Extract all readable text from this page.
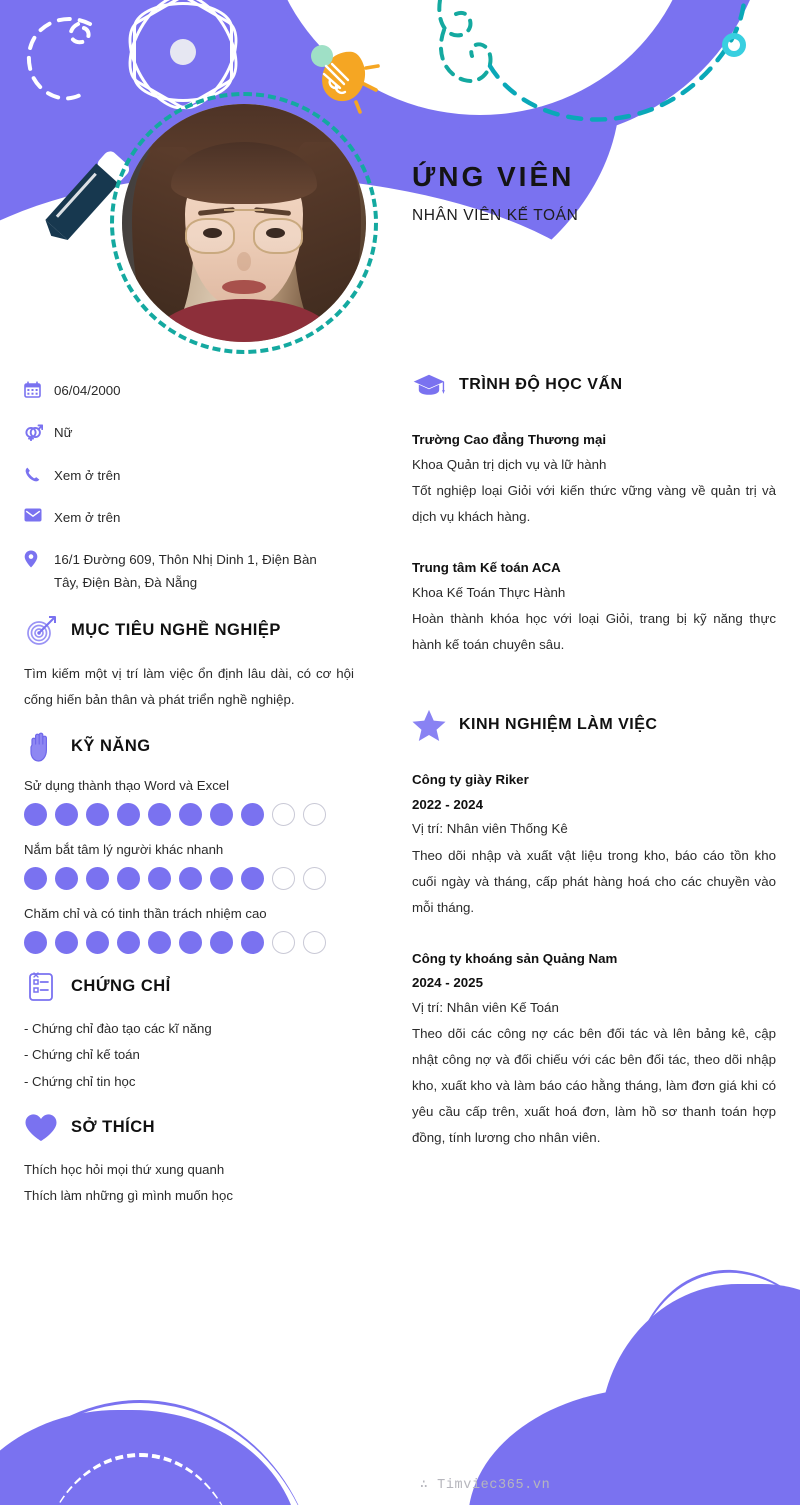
ỨNG VIÊN
NHÂN VIÊN KẾ TOÁN
06/04/2000
Nữ
Xem ở trên
Xem ở trên
16/1 Đường 609, Thôn Nhị Dinh 1, Điện Bàn Tây, Điện Bàn, Đà Nẵng
MỤC TIÊU NGHỀ NGHIỆP
Tìm kiếm một vị trí làm việc ổn định lâu dài, có cơ hội cống hiến bản thân và phát triển nghề nghiệp.
KỸ NĂNG
Sử dụng thành thạo Word và Excel
Nắm bắt tâm lý người khác nhanh
Chăm chỉ và có tinh thần trách nhiệm cao
CHỨNG CHỈ
- Chứng chỉ đào tạo các kĩ năng
- Chứng chỉ kế toán
- Chứng chỉ tin học
SỞ THÍCH
Thích học hỏi mọi thứ xung quanh
Thích làm những gì mình muốn học
TRÌNH ĐỘ HỌC VẤN
Trường Cao đẳng Thương mại
Khoa Quản trị dịch vụ và lữ hành
Tốt nghiệp loại Giỏi với kiến thức vững vàng về quản trị và dịch vụ khách hàng.
Trung tâm Kế toán ACA
Khoa Kế Toán Thực Hành
Hoàn thành khóa học với loại Giỏi, trang bị kỹ năng thực hành kế toán chuyên sâu.
KINH NGHIỆM LÀM VIỆC
Công ty giày Riker
2022 - 2024
Vị trí: Nhân viên Thống Kê
Theo dõi nhập và xuất vật liệu trong kho, báo cáo tồn kho cuối ngày và tháng, cấp phát hàng hoá cho các chuyền vào mỗi tháng.
Công ty khoáng sản Quảng Nam
2024 - 2025
Vị trí: Nhân viên Kế Toán
Theo dõi các công nợ các bên đối tác và lên bảng kê, cập nhật công nợ và đối chiếu với các bên đối tác, theo dõi nhập kho, xuất kho và làm báo cáo hằng tháng, làm đơn giá khi có yêu cầu cấp trên, xuất hoá đơn, làm hồ sơ thanh toán hợp đồng, tính lương cho nhân viên.
∴ Timviec365.vn
